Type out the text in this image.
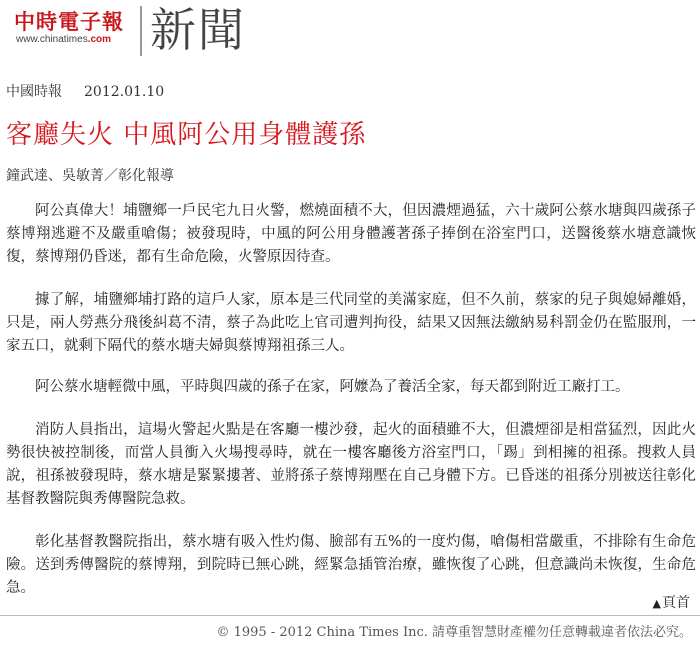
中時電子報
www.chinatimes.com 新聞
中國時報 2012.01.10
客廳失火 中風阿公用身體護孫
鐘武達、吳敏菁／彰化報導

阿公真偉大！埔鹽鄉一戶民宅九日火警，燃燒面積不大，但因濃煙過猛，六十歲阿公蔡水塘與四歲孫子蔡博翔逃避不及嚴重嗆傷；被發現時，中風的阿公用身體護著孫子捧倒在浴室門口，送醫後蔡水塘意識恢復，蔡博翔仍昏迷，都有生命危險，火警原因待查。

據了解，埔鹽鄉埔打路的這戶人家，原本是三代同堂的美滿家庭，但不久前，蔡家的兒子與媳婦離婚，只是，兩人勞燕分飛後糾葛不清，蔡子為此吃上官司遭判拘役，結果又因無法繳納易科罰金仍在監服刑，一家五口，就剩下隔代的蔡水塘夫婦與蔡博翔祖孫三人。

阿公蔡水塘輕微中風，平時與四歲的孫子在家，阿嬤為了養活全家，每天都到附近工廠打工。

消防人員指出，這場火警起火點是在客廳一樓沙發，起火的面積雖不大，但濃煙卻是相當猛烈，因此火勢很快被控制後，而當人員衝入火場搜尋時，就在一樓客廳後方浴室門口，「踢」到相擁的祖孫。搜救人員說，祖孫被發現時，蔡水塘是緊緊摟著、並將孫子蔡博翔壓在自己身體下方。已昏迷的祖孫分別被送往彰化基督教醫院與秀傳醫院急救。

彰化基督教醫院指出，蔡水塘有吸入性灼傷、臉部有五%的一度灼傷，嗆傷相當嚴重，不排除有生命危險。送到秀傳醫院的蔡博翔，到院時已無心跳，經緊急插管治療，雖恢復了心跳，但意識尚未恢復，生命危急。

▲頁首
© 1995 - 2012 China Times Inc. 請尊重智慧財產權勿任意轉載違者依法必究。
